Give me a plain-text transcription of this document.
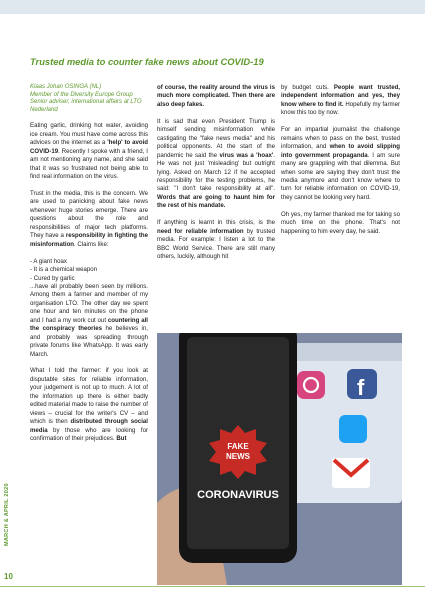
Trusted media to counter fake news about COVID-19
Klaas Johan OSINGA (NL)
Member of the Diversity Europe Group
Senior adviser, international affairs at LTO
Nederland

Eating garlic, drinking hot water, avoiding ice cream. You must have come across this advices on the internet as a 'help' to avoid COVID-19. Recently I spoke with a friend, I am not mentioning any name, and she said that it was so frustrated not being able to find real information on the virus.

Trust in the media, this is the concern. We are used to panicking about fake news whenever huge stories emerge. There are questions about the role and responsibilities of major tech platforms. They have a responsibility in fighting the misinformation. Claims like:

- A giant hoax
- It is a chemical weapon
- Cured by garlic

...have all probably been seen by millions. Among them a farmer and member of my organisation LTO. The other day we spent one hour and ten minutes on the phone and I had a my work cut out countering all the conspiracy theories he believes in, and probably was spreading through private forums like WhatsApp. It was early March.

What I told the farmer: if you look at disputable sites for reliable information, your judgement is not up to much. A lot of the information up there is either badly edited material made to raise the number of views – crucial for the writer's CV – and which is then distributed through social media by those who are looking for confirmation of their prejudices. But

of course, the reality around the virus is much more complicated. Then there are also deep fakes.

It is sad that even President Trump is himself sending misinformation while castigating the "fake news media" and his political opponents. At the start of the pandemic he said the virus was a 'hoax'. He was not just 'misleading' but outright lying. Asked on March 12 if he accepted responsibility for the testing problems, he said: "I don't take responsibility at all". Words that are going to haunt him for the rest of his mandate.

If anything is learnt in this crisis, is the need for reliable information by trusted media. For example: I listen a lot to the BBC World Service. There are still many others, luckily, although hit

by budget cuts. People want trusted, independent information and yes, they know where to find it. Hopefully my farmer know this too by now.

For an impartial journalist the challenge remains when to pass on the best, trusted information, and when to avoid slipping into government propaganda. I am sure many are grappling with that dilemma. But when some are saying they don't trust the media anymore and don't know where to turn for reliable information on COVID-19, they cannot be looking very hard.

Oh yes, my farmer thanked me for taking so much time on the phone. That's not happening to him every day, he said.

f
FAKE
NEWS
CORONAVIRUS
MARCH & APRIL 2020
10
